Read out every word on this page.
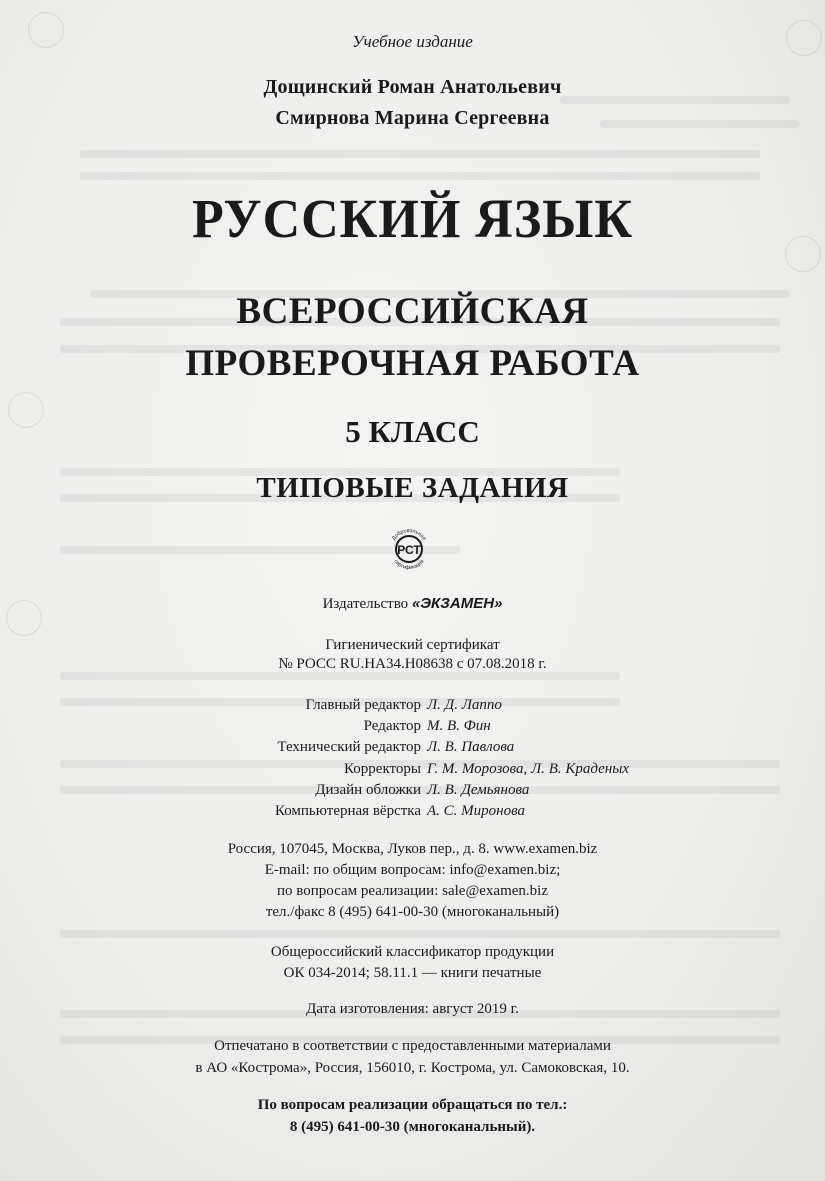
Учебное издание
Дощинский Роман Анатольевич
Смирнова Марина Сергеевна
РУССКИЙ ЯЗЫК
ВСЕРОССИЙСКАЯ
ПРОВЕРОЧНАЯ РАБОТА
5 КЛАСС
ТИПОВЫЕ ЗАДАНИЯ
РСТ
Добровольная
сертификация
Издательство «ЭКЗАМЕН»
Гигиенический сертификат
№ РОСС RU.HA34.H08638 с 07.08.2018 г.
Главный редактор Л. Д. Лаппо
Редактор М. В. Фин
Технический редактор Л. В. Павлова
Корректоры Г. М. Морозова, Л. В. Краденых
Дизайн обложки Л. В. Демьянова
Компьютерная вёрстка А. С. Миронова
Россия, 107045, Москва, Луков пер., д. 8. www.examen.biz
E-mail: по общим вопросам: info@examen.biz;
по вопросам реализации: sale@examen.biz
тел./факс 8 (495) 641-00-30 (многоканальный)
Общероссийский классификатор продукции
ОК 034-2014; 58.11.1 — книги печатные
Дата изготовления: август 2019 г.
Отпечатано в соответствии с предоставленными материалами
в АО «Кострома», Россия, 156010, г. Кострома, ул. Самоковская, 10.
По вопросам реализации обращаться по тел.:
8 (495) 641-00-30 (многоканальный).
